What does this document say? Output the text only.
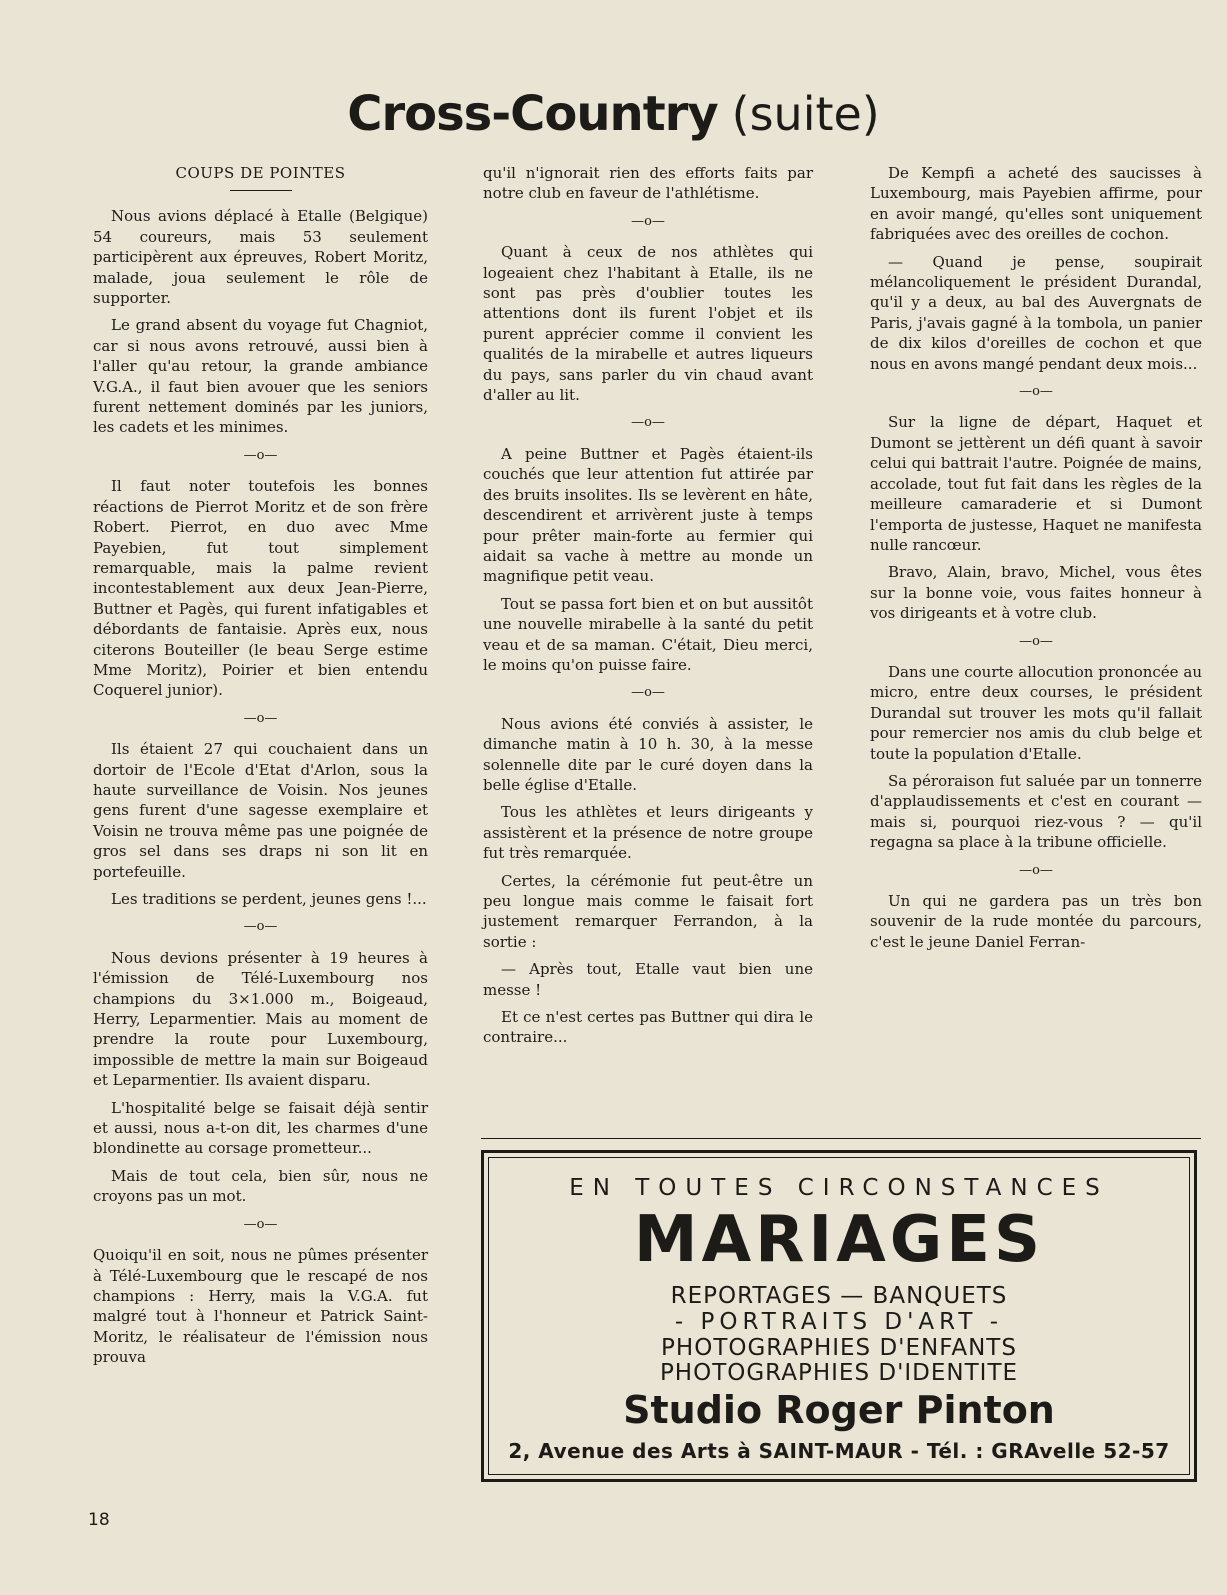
Cross-Country (suite)
COUPS DE POINTES

Nous avions déplacé à Etalle (Belgique) 54 coureurs, mais 53 seulement participèrent aux épreuves, Robert Moritz, malade, joua seulement le rôle de supporter.

Le grand absent du voyage fut Chagniot, car si nous avons retrouvé, aussi bien à l'aller qu'au retour, la grande ambiance V.G.A., il faut bien avouer que les seniors furent nettement dominés par les juniors, les cadets et les minimes.

—o—

Il faut noter toutefois les bonnes réactions de Pierrot Moritz et de son frère Robert. Pierrot, en duo avec Mme Payebien, fut tout simplement remarquable, mais la palme revient incontestablement aux deux Jean-Pierre, Buttner et Pagès, qui furent infatigables et débordants de fantaisie. Après eux, nous citerons Bouteiller (le beau Serge estime Mme Moritz), Poirier et bien entendu Coquerel junior).

—o—

Ils étaient 27 qui couchaient dans un dortoir de l'Ecole d'Etat d'Arlon, sous la haute surveillance de Voisin. Nos jeunes gens furent d'une sagesse exemplaire et Voisin ne trouva même pas une poignée de gros sel dans ses draps ni son lit en portefeuille.

Les traditions se perdent, jeunes gens !...

—o—

Nous devions présenter à 19 heures à l'émission de Télé-Luxembourg nos champions du 3×1.000 m., Boigeaud, Herry, Leparmentier. Mais au moment de prendre la route pour Luxembourg, impossible de mettre la main sur Boigeaud et Leparmentier. Ils avaient disparu.

L'hospitalité belge se faisait déjà sentir et aussi, nous a-t-on dit, les charmes d'une blondinette au corsage prometteur...

Mais de tout cela, bien sûr, nous ne croyons pas un mot.

—o—

Quoiqu'il en soit, nous ne pûmes présenter à Télé-Luxembourg que le rescapé de nos champions : Herry, mais la V.G.A. fut malgré tout à l'honneur et Patrick Saint-Moritz, le réalisateur de l'émission nous prouva

qu'il n'ignorait rien des efforts faits par notre club en faveur de l'athlétisme.

—o—

Quant à ceux de nos athlètes qui logeaient chez l'habitant à Etalle, ils ne sont pas près d'oublier toutes les attentions dont ils furent l'objet et ils purent apprécier comme il convient les qualités de la mirabelle et autres liqueurs du pays, sans parler du vin chaud avant d'aller au lit.

—o—

A peine Buttner et Pagès étaient-ils couchés que leur attention fut attirée par des bruits insolites. Ils se levèrent en hâte, descendirent et arrivèrent juste à temps pour prêter main-forte au fermier qui aidait sa vache à mettre au monde un magnifique petit veau.

Tout se passa fort bien et on but aussitôt une nouvelle mirabelle à la santé du petit veau et de sa maman. C'était, Dieu merci, le moins qu'on puisse faire.

—o—

Nous avions été conviés à assister, le dimanche matin à 10 h. 30, à la messe solennelle dite par le curé doyen dans la belle église d'Etalle.

Tous les athlètes et leurs dirigeants y assistèrent et la présence de notre groupe fut très remarquée.

Certes, la cérémonie fut peut-être un peu longue mais comme le faisait fort justement remarquer Ferrandon, à la sortie :

— Après tout, Etalle vaut bien une messe !

Et ce n'est certes pas Buttner qui dira le contraire...

De Kempfi a acheté des saucisses à Luxembourg, mais Payebien affirme, pour en avoir mangé, qu'elles sont uniquement fabriquées avec des oreilles de cochon.

— Quand je pense, soupirait mélancoliquement le président Durandal, qu'il y a deux, au bal des Auvergnats de Paris, j'avais gagné à la tombola, un panier de dix kilos d'oreilles de cochon et que nous en avons mangé pendant deux mois...

—o—

Sur la ligne de départ, Haquet et Dumont se jettèrent un défi quant à savoir celui qui battrait l'autre. Poignée de mains, accolade, tout fut fait dans les règles de la meilleure camaraderie et si Dumont l'emporta de justesse, Haquet ne manifesta nulle rancœur.

Bravo, Alain, bravo, Michel, vous êtes sur la bonne voie, vous faites honneur à vos dirigeants et à votre club.

—o—

Dans une courte allocution prononcée au micro, entre deux courses, le président Durandal sut trouver les mots qu'il fallait pour remercier nos amis du club belge et toute la population d'Etalle.

Sa péroraison fut saluée par un tonnerre d'applaudissements et c'est en courant — mais si, pourquoi riez-vous ? — qu'il regagna sa place à la tribune officielle.

—o—

Un qui ne gardera pas un très bon souvenir de la rude montée du parcours, c'est le jeune Daniel Ferran-

EN TOUTES CIRCONSTANCES
MARIAGES
REPORTAGES — BANQUETS
- PORTRAITS D'ART -
PHOTOGRAPHIES D'ENFANTS
PHOTOGRAPHIES D'IDENTITE
Studio Roger Pinton
2, Avenue des Arts à SAINT-MAUR - Tél. : GRAvelle 52-57
18
